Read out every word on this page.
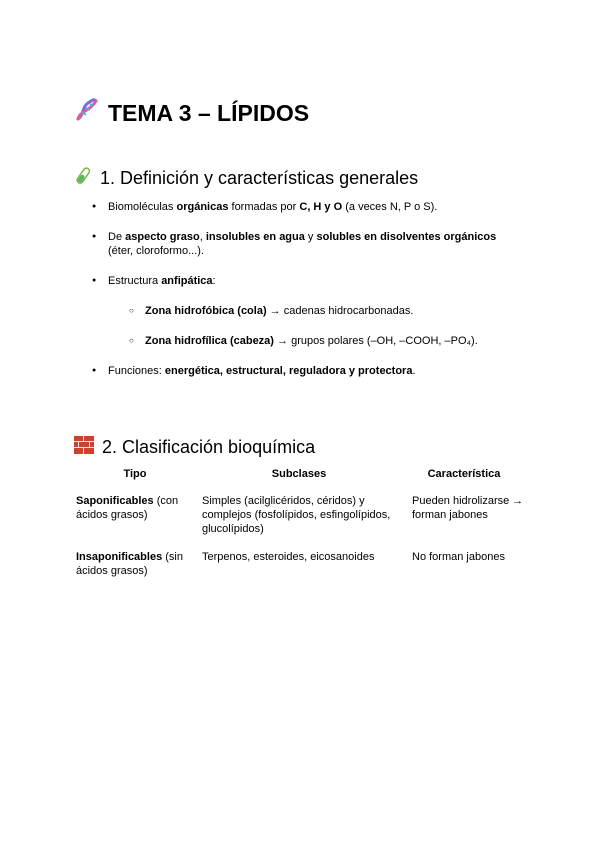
TEMA 3 – LÍPIDOS
1. Definición y características generales
● Biomoléculas orgánicas formadas por C, H y O (a veces N, P o S).
● De aspecto graso, insolubles en agua y solubles en disolventes orgánicos
(éter, cloroformo...).
● Estructura anfipática:
○ Zona hidrofóbica (cola) → cadenas hidrocarbonadas.
○ Zona hidrofílica (cabeza) → grupos polares (–OH, –COOH, –PO₄).
● Funciones: energética, estructural, reguladora y protectora.
2. Clasificación bioquímica
Tipo	Subclases	Característica
Saponificables (con ácidos grasos)	Simples (acilglicéridos, céridos) y complejos (fosfolípidos, esfingolípidos, glucolípidos)	Pueden hidrolizarse → forman jabones
Insaponificables (sin ácidos grasos)	Terpenos, esteroides, eicosanoides	No forman jabones
